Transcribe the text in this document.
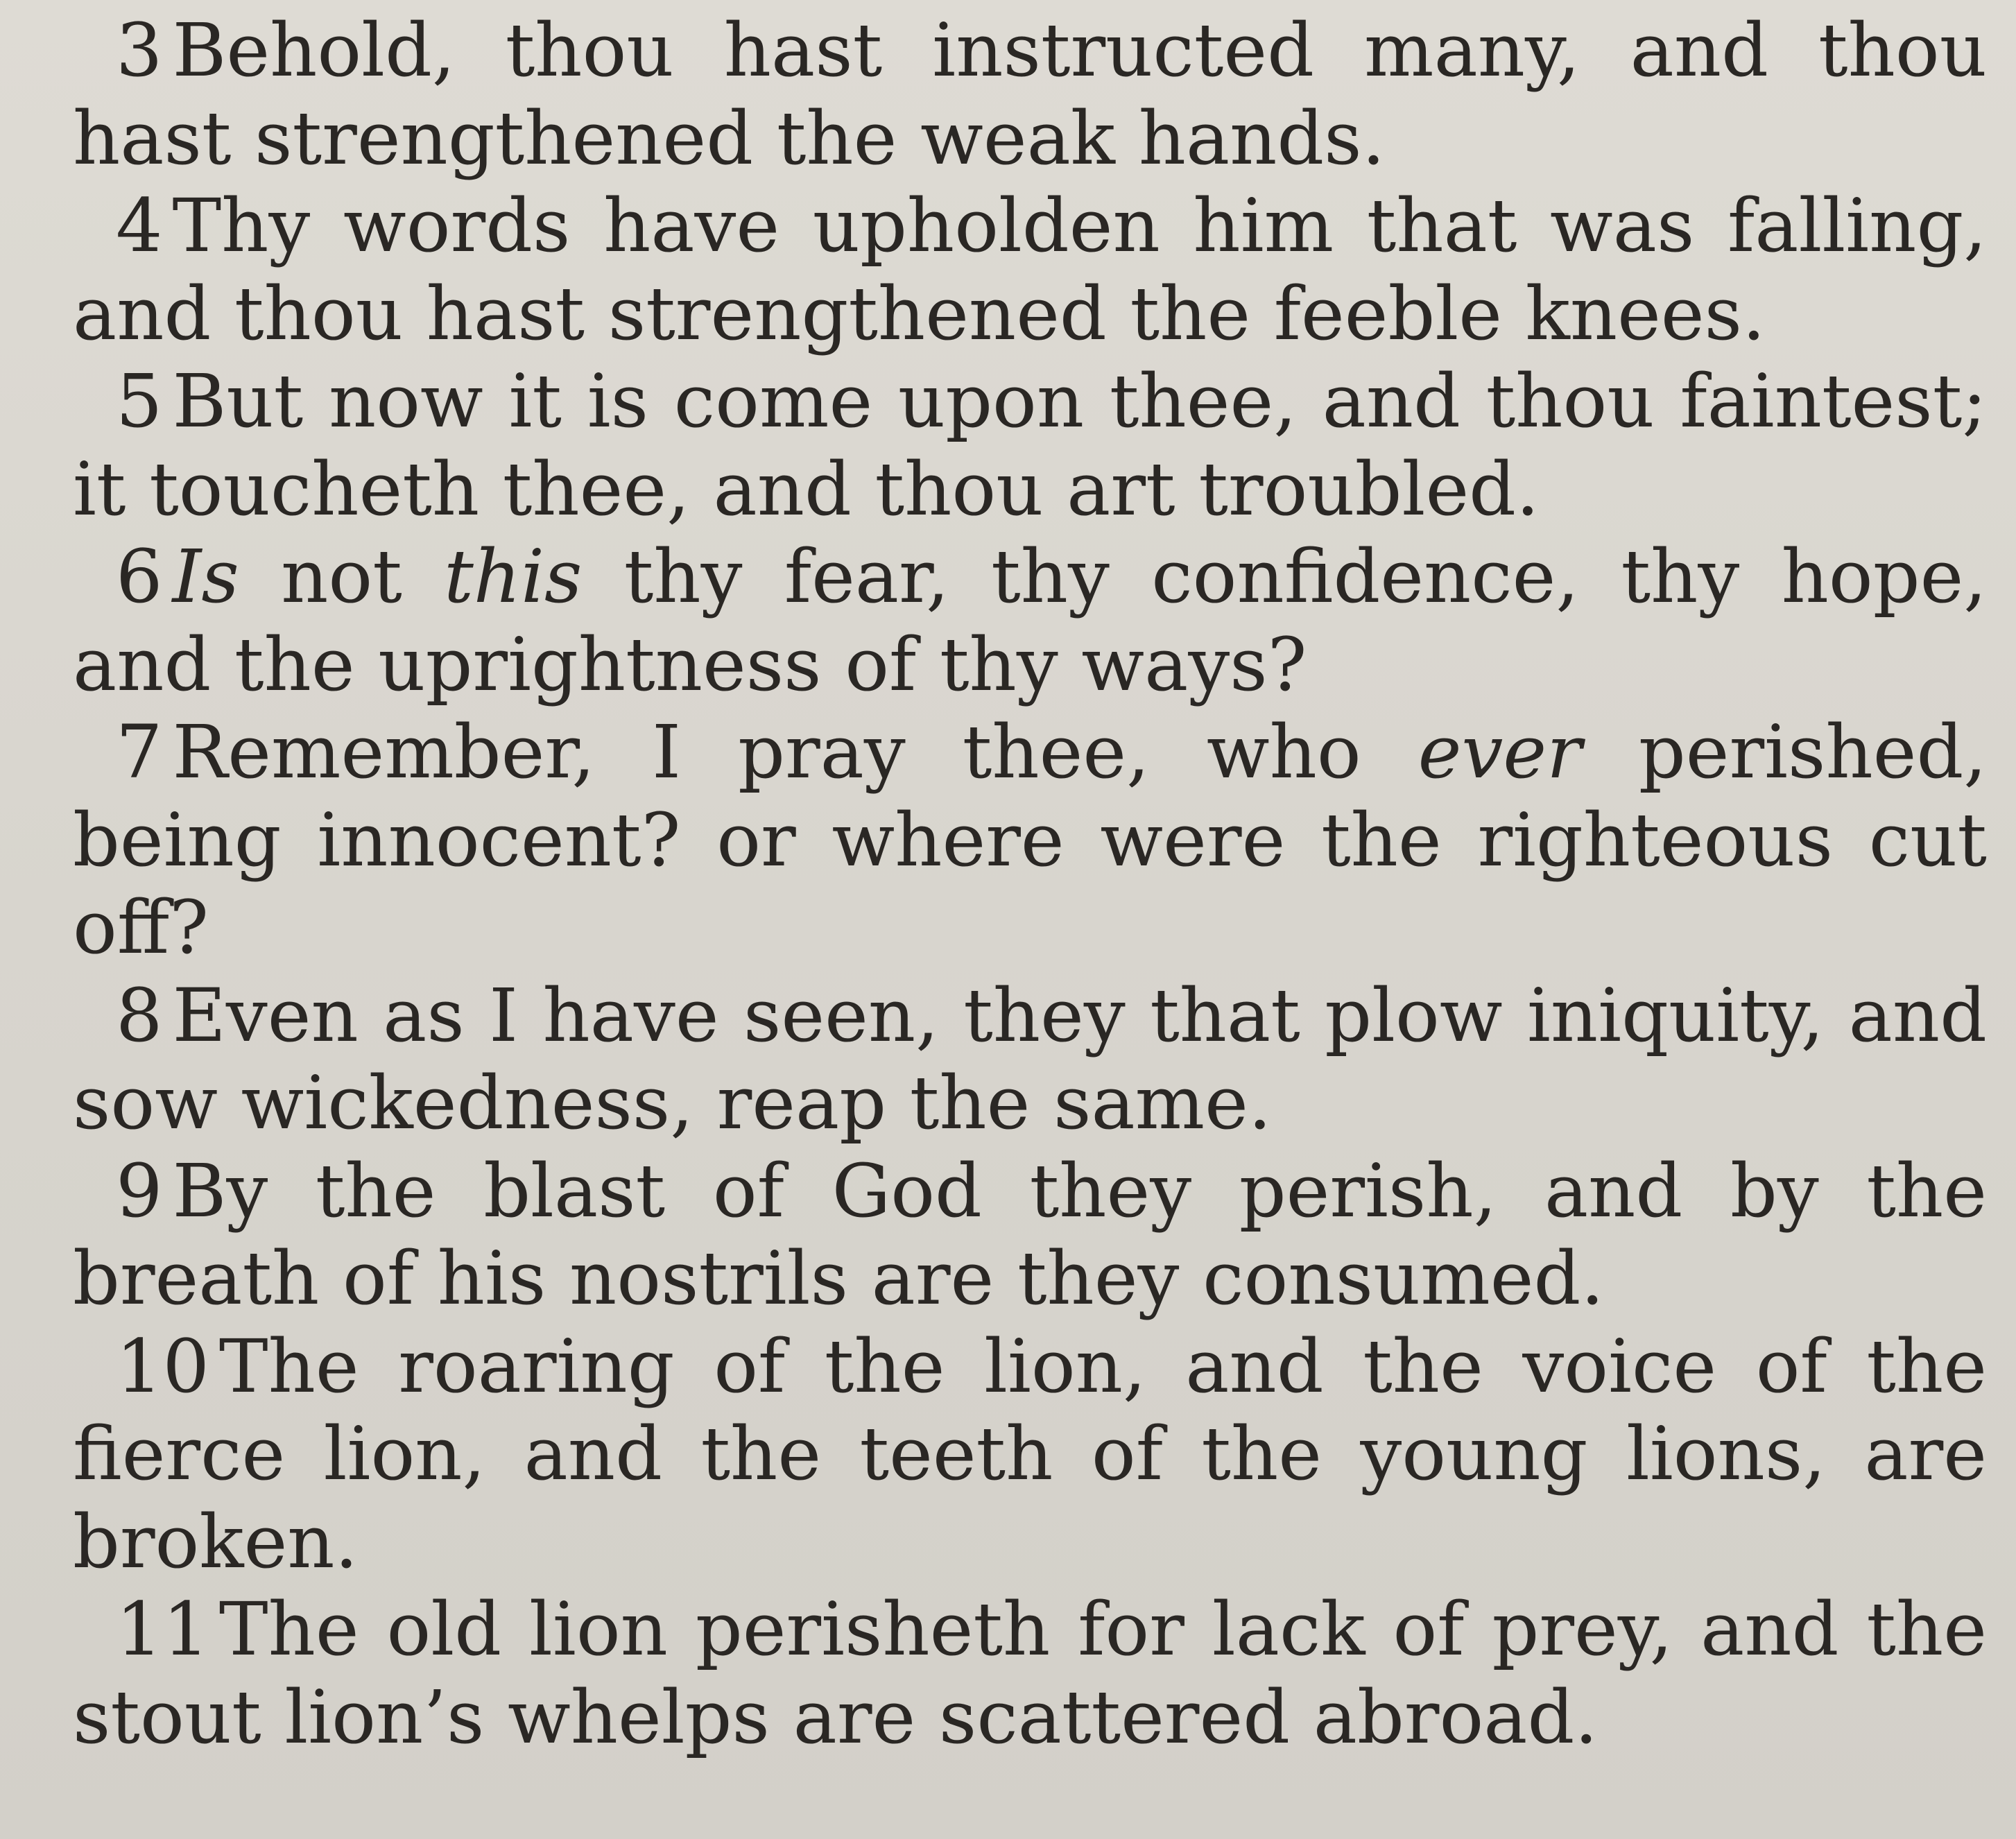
3 Behold, thou hast instructed many, and thou hast strengthened the weak hands.

4 Thy words have upholden him that was falling, and thou hast strengthened the feeble knees.

5 But now it is come upon thee, and thou faintest; it toucheth thee, and thou art troubled.

6 Is not this thy fear, thy confidence, thy hope, and the uprightness of thy ways?

7 Remember, I pray thee, who ever perished, being innocent? or where were the righteous cut off?

8 Even as I have seen, they that plow iniquity, and sow wickedness, reap the same.

9 By the blast of God they perish, and by the breath of his nostrils are they consumed.

10 The roaring of the lion, and the voice of the fierce lion, and the teeth of the young lions, are broken.

11 The old lion perisheth for lack of prey, and the stout lion’s whelps are scattered abroad.
